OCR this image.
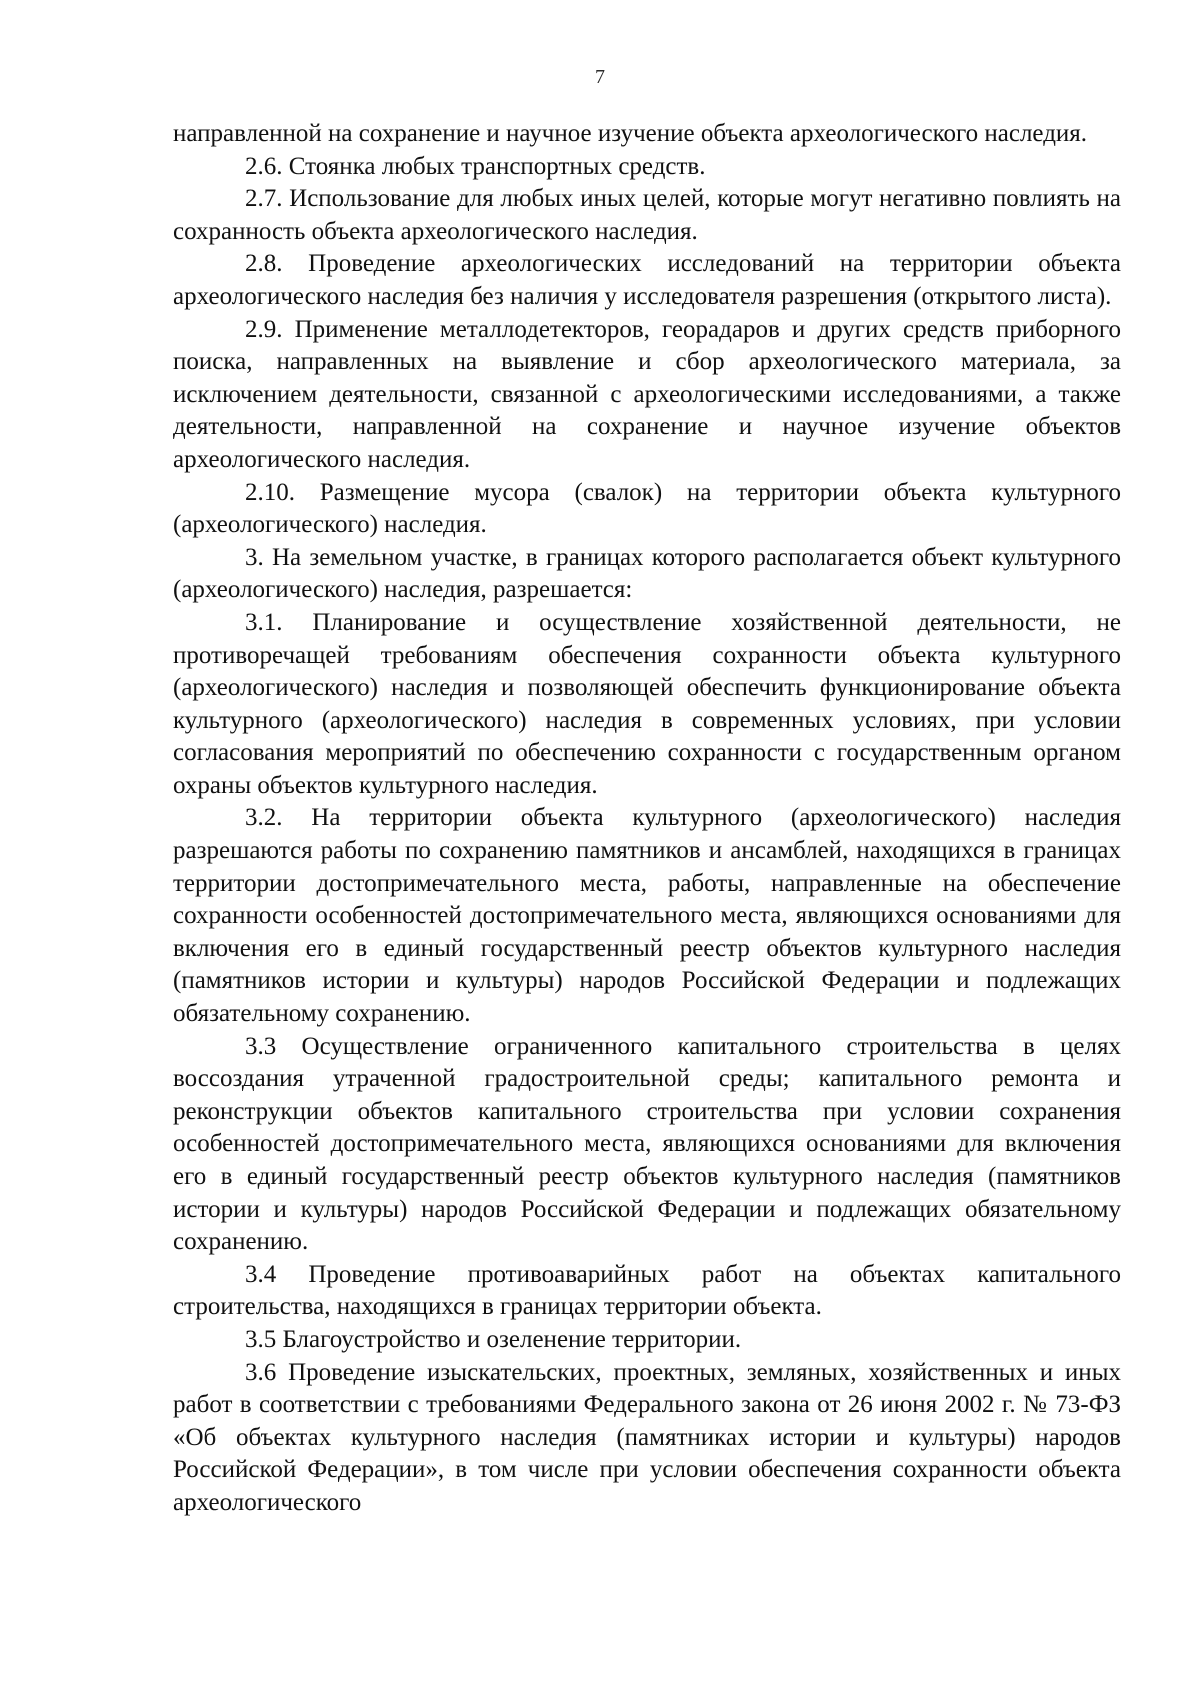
7

направленной на сохранение и научное изучение объекта археологического наследия.

2.6. Стоянка любых транспортных средств.

2.7. Использование для любых иных целей, которые могут негативно повлиять на сохранность объекта археологического наследия.

2.8. Проведение археологических исследований на территории объекта археологического наследия без наличия у исследователя разрешения (открытого листа).

2.9. Применение металлодетекторов, георадаров и других средств приборного поиска, направленных на выявление и сбор археологического материала, за исключением деятельности, связанной с археологическими исследованиями, а также деятельности, направленной на сохранение и научное изучение объектов археологического наследия.

2.10. Размещение мусора (свалок) на территории объекта культурного (археологического) наследия.

3. На земельном участке, в границах которого располагается объект культурного (археологического) наследия, разрешается:

3.1. Планирование и осуществление хозяйственной деятельности, не противоречащей требованиям обеспечения сохранности объекта культурного (археологического) наследия и позволяющей обеспечить функционирование объекта культурного (археологического) наследия в современных условиях, при условии согласования мероприятий по обеспечению сохранности с государственным органом охраны объектов культурного наследия.

3.2. На территории объекта культурного (археологического) наследия разрешаются работы по сохранению памятников и ансамблей, находящихся в границах территории достопримечательного места, работы, направленные на обеспечение сохранности особенностей достопримечательного места, являющихся основаниями для включения его в единый государственный реестр объектов культурного наследия (памятников истории и культуры) народов Российской Федерации и подлежащих обязательному сохранению.

3.3 Осуществление ограниченного капитального строительства в целях воссоздания утраченной градостроительной среды; капитального ремонта и реконструкции объектов капитального строительства при условии сохранения особенностей достопримечательного места, являющихся основаниями для включения его в единый государственный реестр объектов культурного наследия (памятников истории и культуры) народов Российской Федерации и подлежащих обязательному сохранению.

3.4 Проведение противоаварийных работ на объектах капитального строительства, находящихся в границах территории объекта.

3.5 Благоустройство и озеленение территории.

3.6 Проведение изыскательских, проектных, земляных, хозяйственных и иных работ в соответствии с требованиями Федерального закона от 26 июня 2002 г. № 73-ФЗ «Об объектах культурного наследия (памятниках истории и культуры) народов Российской Федерации», в том числе при условии обеспечения сохранности объекта археологического
